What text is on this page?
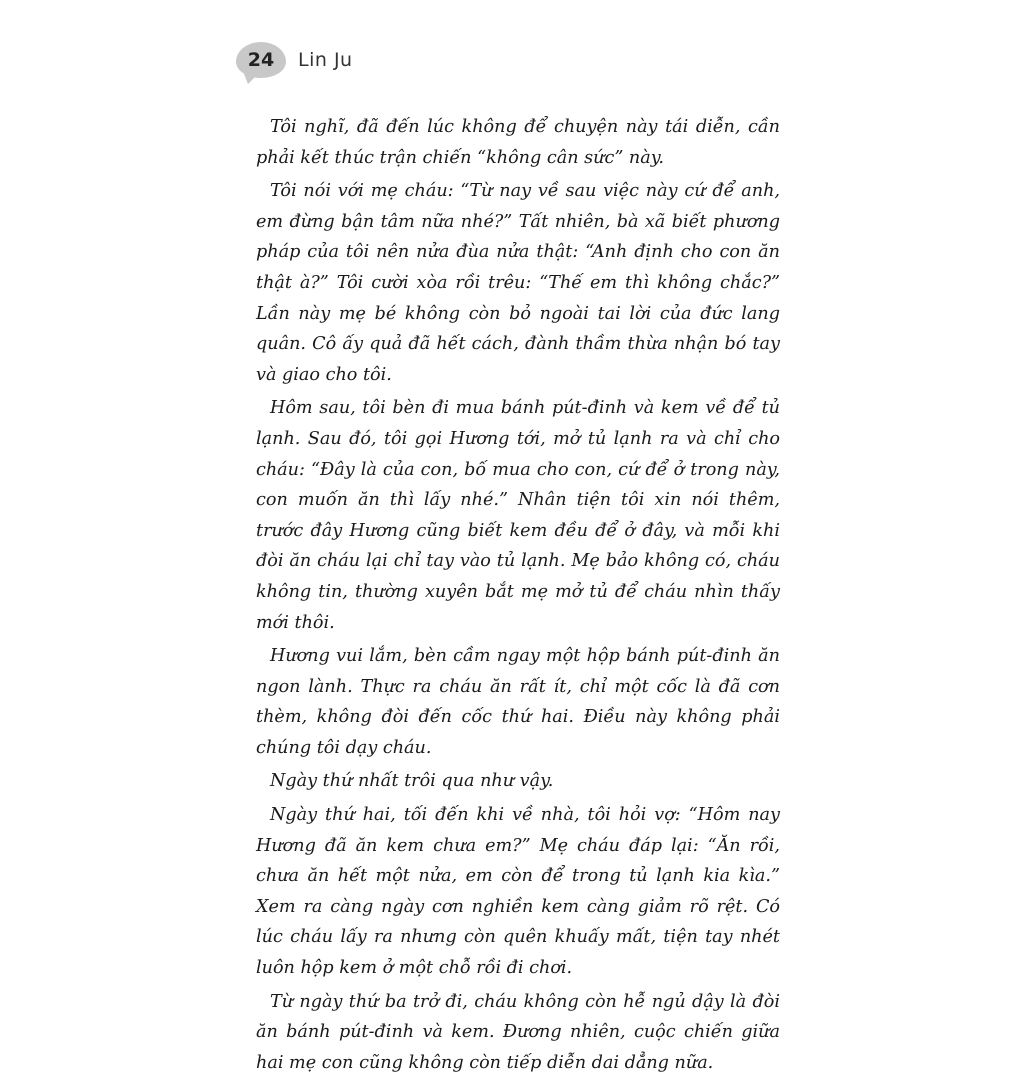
24 Lin Ju

Tôi nghĩ, đã đến lúc không để chuyện này tái diễn, cần phải kết thúc trận chiến “không cân sức” này.

Tôi nói với mẹ cháu: “Từ nay về sau việc này cứ để anh, em đừng bận tâm nữa nhé?” Tất nhiên, bà xã biết phương pháp của tôi nên nửa đùa nửa thật: “Anh định cho con ăn thật à?” Tôi cười xòa rồi trêu: “Thế em thì không chắc?” Lần này mẹ bé không còn bỏ ngoài tai lời của đức lang quân. Cô ấy quả đã hết cách, đành thầm thừa nhận bó tay và giao cho tôi.

Hôm sau, tôi bèn đi mua bánh pút-đinh và kem về để tủ lạnh. Sau đó, tôi gọi Hương tới, mở tủ lạnh ra và chỉ cho cháu: “Đây là của con, bố mua cho con, cứ để ở trong này, con muốn ăn thì lấy nhé.” Nhân tiện tôi xin nói thêm, trước đây Hương cũng biết kem đều để ở đây, và mỗi khi đòi ăn cháu lại chỉ tay vào tủ lạnh. Mẹ bảo không có, cháu không tin, thường xuyên bắt mẹ mở tủ để cháu nhìn thấy mới thôi.

Hương vui lắm, bèn cầm ngay một hộp bánh pút-đinh ăn ngon lành. Thực ra cháu ăn rất ít, chỉ một cốc là đã cơn thèm, không đòi đến cốc thứ hai. Điều này không phải chúng tôi dạy cháu.

Ngày thứ nhất trôi qua như vậy.

Ngày thứ hai, tối đến khi về nhà, tôi hỏi vợ: “Hôm nay Hương đã ăn kem chưa em?” Mẹ cháu đáp lại: “Ăn rồi, chưa ăn hết một nửa, em còn để trong tủ lạnh kia kìa.” Xem ra càng ngày cơn nghiền kem càng giảm rõ rệt. Có lúc cháu lấy ra nhưng còn quên khuấy mất, tiện tay nhét luôn hộp kem ở một chỗ rồi đi chơi.

Từ ngày thứ ba trở đi, cháu không còn hễ ngủ dậy là đòi ăn bánh pút-đinh và kem. Đương nhiên, cuộc chiến giữa hai mẹ con cũng không còn tiếp diễn dai dẳng nữa.
